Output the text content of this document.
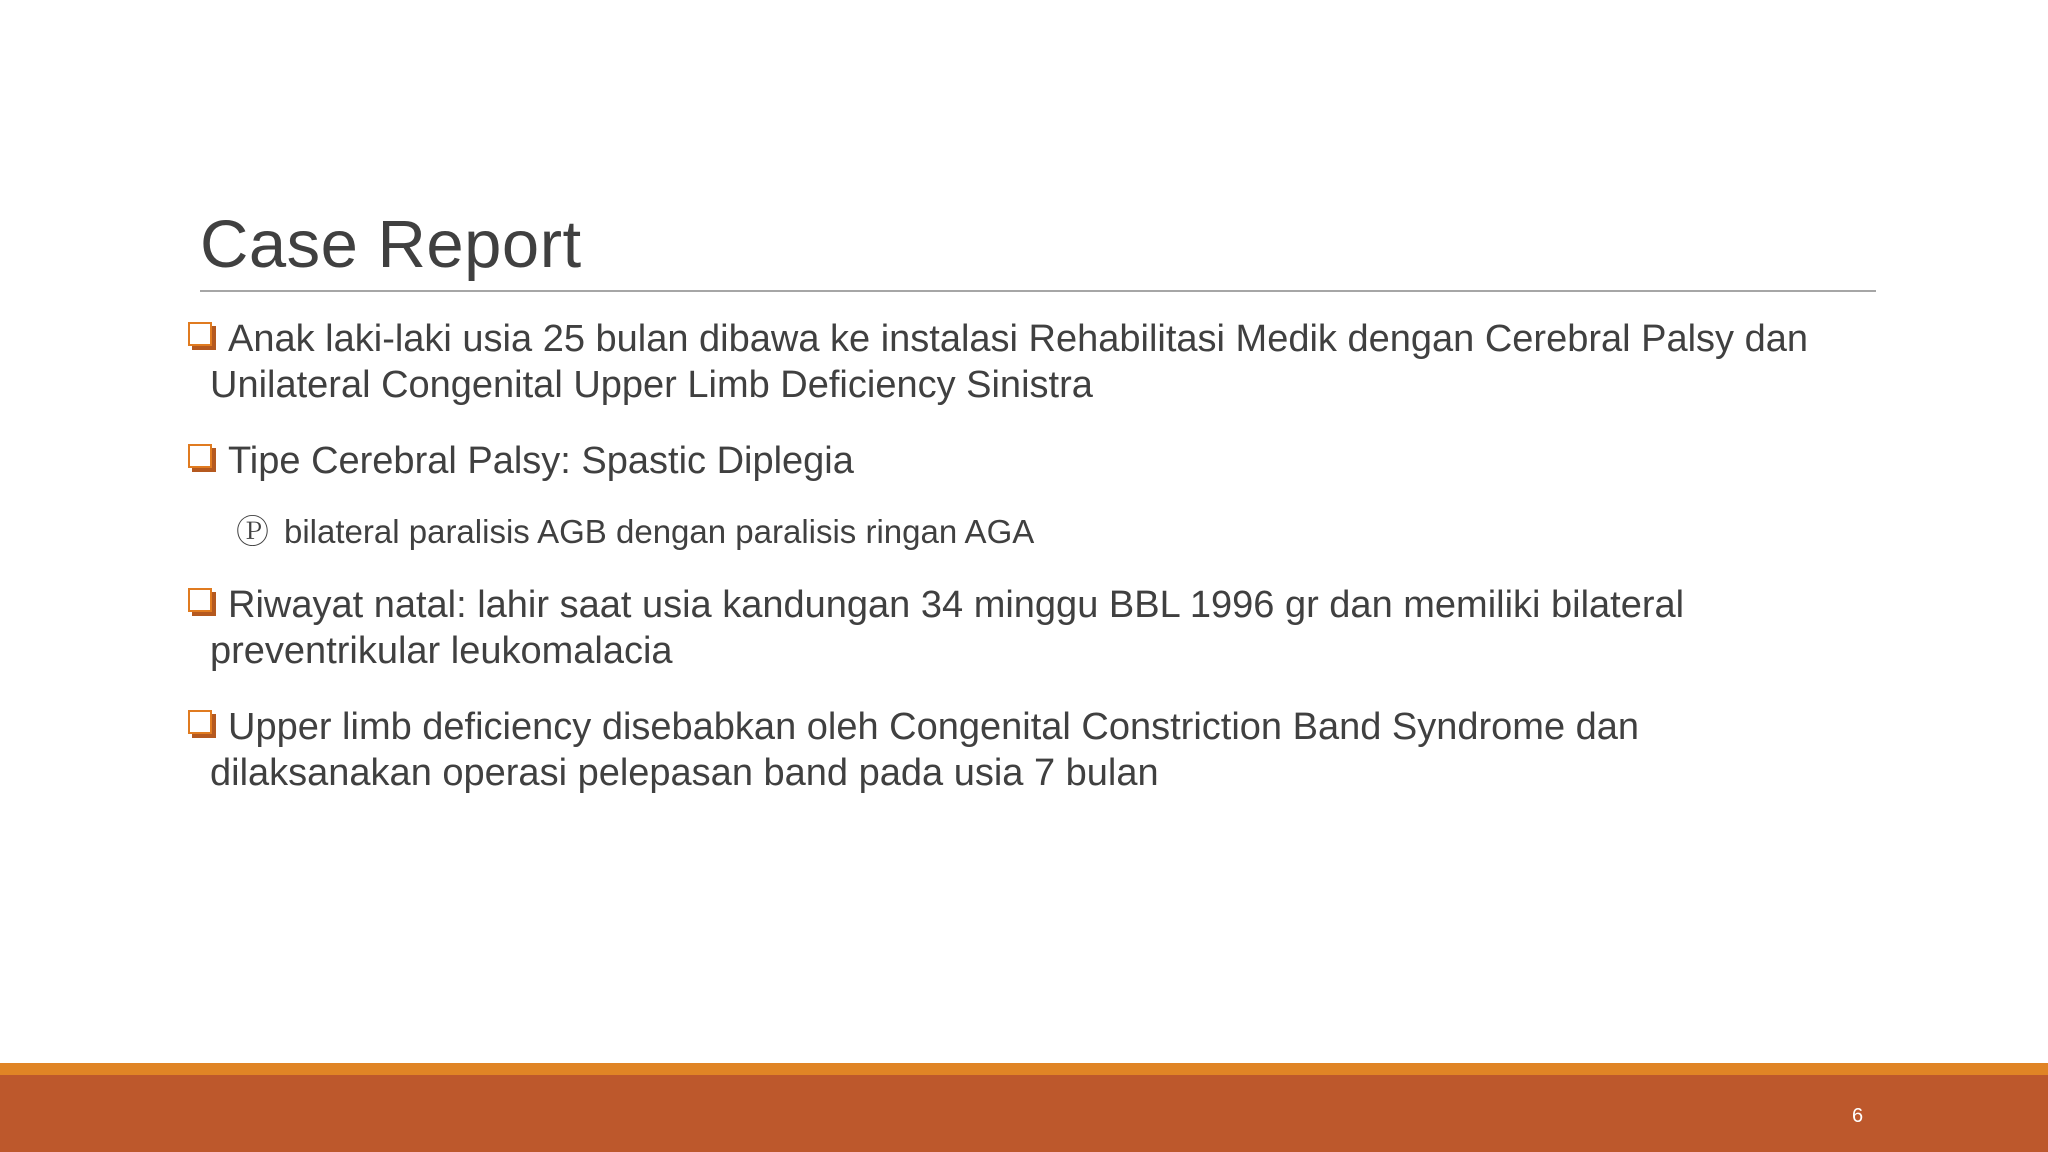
Case Report
Anak laki-laki usia 25 bulan dibawa ke instalasi Rehabilitasi Medik dengan Cerebral Palsy dan
Unilateral Congenital Upper Limb Deficiency Sinistra
Tipe Cerebral Palsy: Spastic Diplegia
Ⓟ bilateral paralisis AGB dengan paralisis ringan AGA
Riwayat natal: lahir saat usia kandungan 34 minggu BBL 1996 gr dan memiliki bilateral
preventrikular leukomalacia
Upper limb deficiency disebabkan oleh Congenital Constriction Band Syndrome dan
dilaksanakan operasi pelepasan band pada usia 7 bulan
6
